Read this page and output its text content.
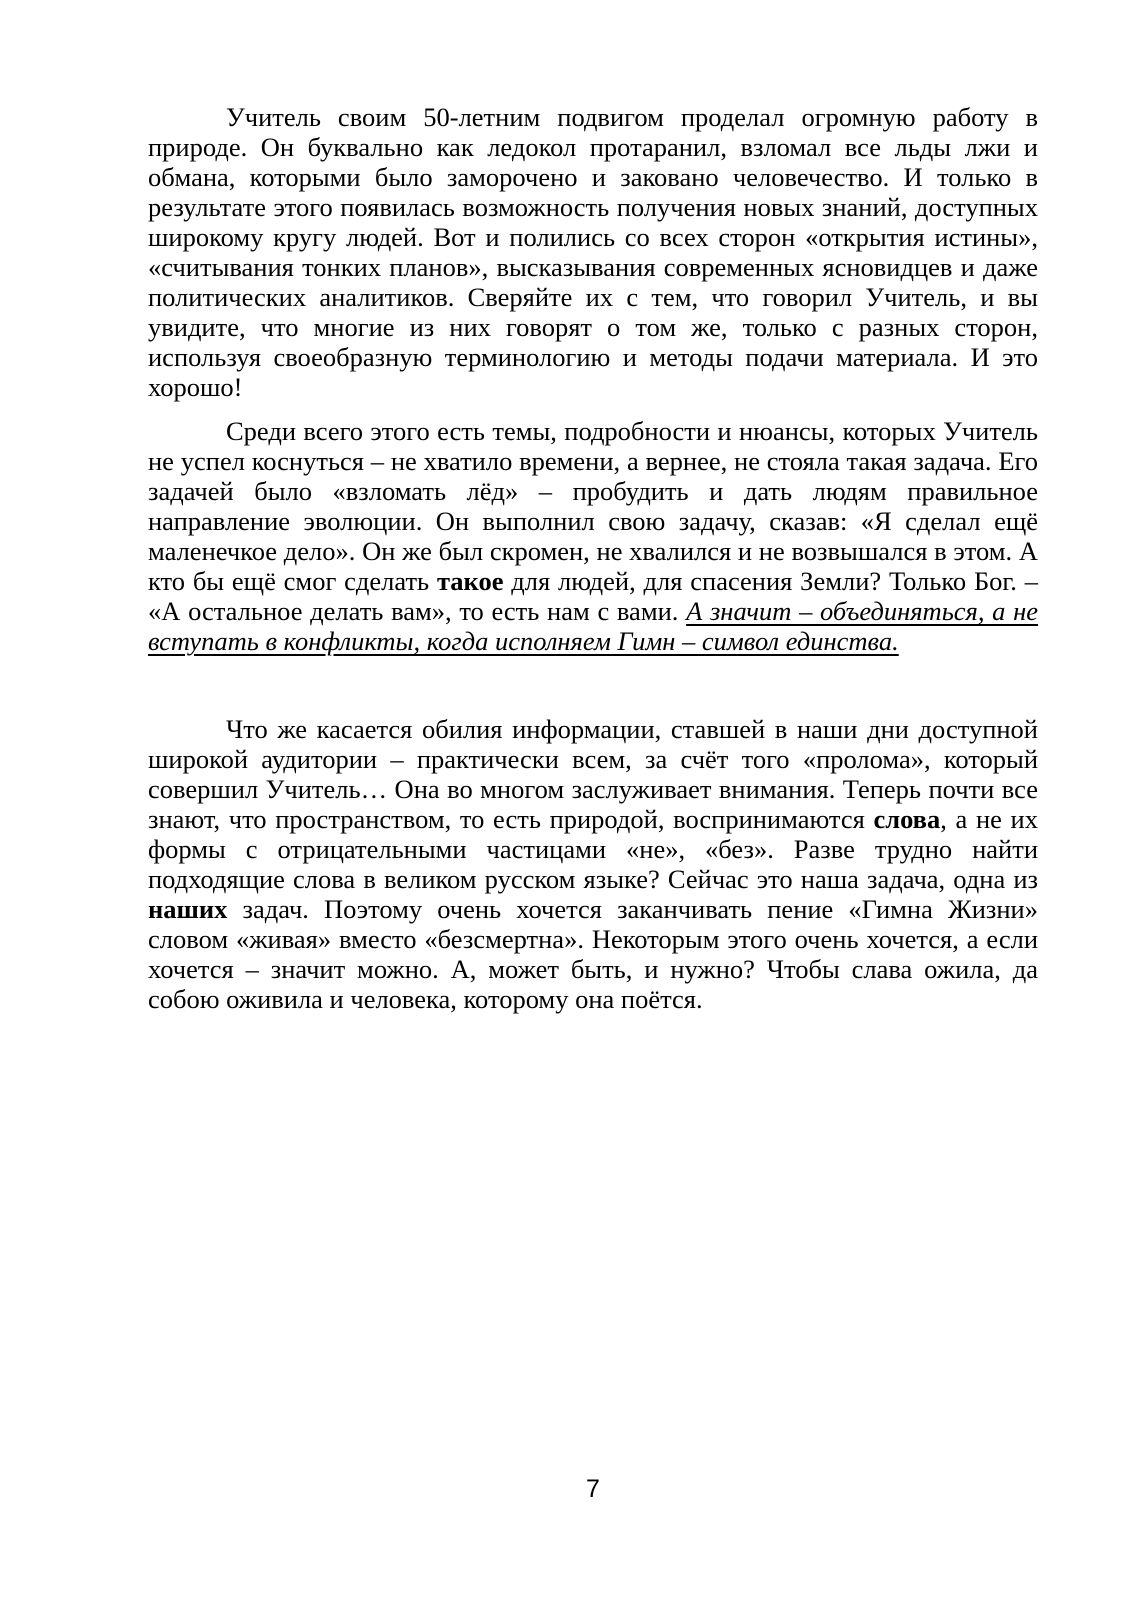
Учитель своим 50-летним подвигом проделал огромную работу в природе. Он буквально как ледокол протаранил, взломал все льды лжи и обмана, которыми было заморочено и заковано человечество. И только в результате этого появилась возможность получения новых знаний, доступных широкому кругу людей. Вот и полились со всех сторон «открытия истины», «считывания тонких планов», высказывания современных ясновидцев и даже политических аналитиков. Сверяйте их с тем, что говорил Учитель, и вы увидите, что многие из них говорят о том же, только с разных сторон, используя своеобразную терминологию и методы подачи материала. И это хорошо!

Среди всего этого есть темы, подробности и нюансы, которых Учитель не успел коснуться – не хватило времени, а вернее, не стояла такая задача. Его задачей было «взломать лёд» – пробудить и дать людям правильное направление эволюции. Он выполнил свою задачу, сказав: «Я сделал ещё маленечкое дело». Он же был скромен, не хвалился и не возвышался в этом. А кто бы ещё смог сделать такое для людей, для спасения Земли? Только Бог. – «А остальное делать вам», то есть нам с вами. А значит – объединяться, а не вступать в конфликты, когда исполняем Гимн – символ единства.

Что же касается обилия информации, ставшей в наши дни доступной широкой аудитории – практически всем, за счёт того «пролома», который совершил Учитель… Она во многом заслуживает внимания. Теперь почти все знают, что пространством, то есть природой, воспринимаются слова, а не их формы с отрицательными частицами «не», «без». Разве трудно найти подходящие слова в великом русском языке? Сейчас это наша задача, одна из наших задач. Поэтому очень хочется заканчивать пение «Гимна Жизни» словом «живая» вместо «безсмертна». Некоторым этого очень хочется, а если хочется – значит можно. А, может быть, и нужно? Чтобы слава ожила, да собою оживила и человека, которому она поётся.

7
